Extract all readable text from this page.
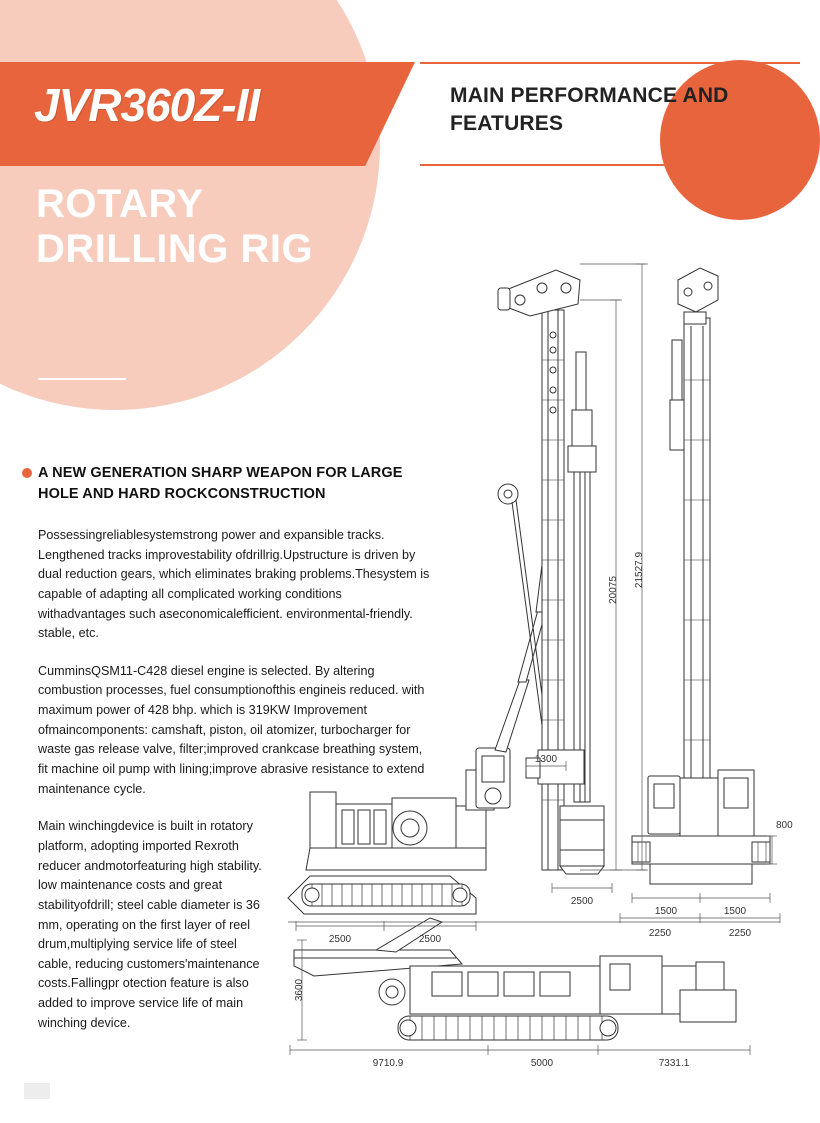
JVR360Z-II	MAIN PERFORMANCE AND FEATURES
ROTARY DRILLING RIG
A NEW GENERATION SHARP WEAPON FOR LARGE HOLE AND HARD ROCKCONSTRUCTION

Possessingreliablesystemstrong power and expansible tracks. Lengthened tracks improvestability ofdrillrig.Upstructure is driven by dual reduction gears, which eliminates braking problems.Thesystem is capable of adapting all complicated working conditions withadvantages such aseconomicalefficient. environmental-friendly. stable, etc.

CumminsQSM11-C428 diesel engine is selected. By altering combustion processes, fuel consumptionofthis engineis reduced. with maximum power of 428 bhp. which is 319KW Improvement ofmaincomponents: camshaft, piston, oil atomizer, turbocharger for waste gas release valve, filter;improved crankcase breathing system, fit machine oil pump with lining;improve abrasive resistance to extend maintenance cycle.

Main winchingdevice is built in rotatory platform, adopting imported Rexroth reducer andmotorfeaturing high stability. low maintenance costs and great stabilityofdrill; steel cable diameter is 36 mm, operating on the first layer of reel drum,multiplying service life of steel cable, reducing customers'maintenance costs.Fallingpr otection feature is also added to improve service life of main winching device.

20075
21527.9
1300
2500
2500	2500
800
1500	1500
2250	2250
3600
9710.9	5000	7331.1
